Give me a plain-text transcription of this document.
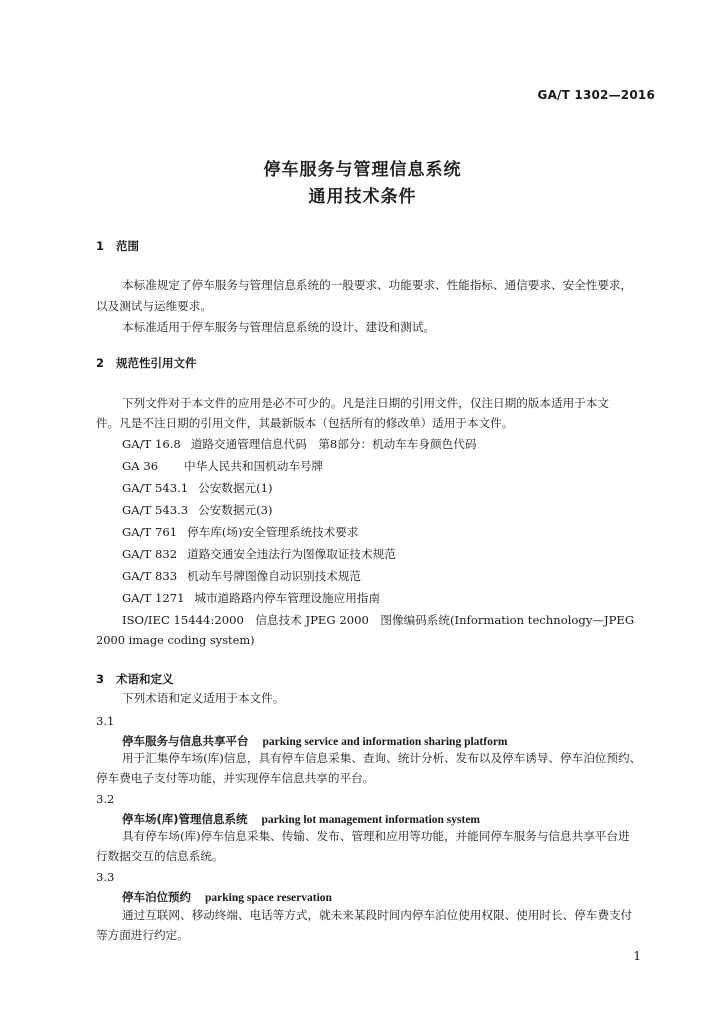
GA/T 1302—2016
停车服务与管理信息系统
通用技术条件
1 范围
本标准规定了停车服务与管理信息系统的一般要求、功能要求、性能指标、通信要求、安全性要求，
以及测试与运维要求。
本标准适用于停车服务与管理信息系统的设计、建设和测试。
2 规范性引用文件
下列文件对于本文件的应用是必不可少的。凡是注日期的引用文件，仅注日期的版本适用于本文
件。凡是不注日期的引用文件，其最新版本（包括所有的修改单）适用于本文件。
GA/T 16.8 道路交通管理信息代码　第8部分：机动车车身颜色代码
GA 36 中华人民共和国机动车号牌
GA/T 543.1 公安数据元(1)
GA/T 543.3 公安数据元(3)
GA/T 761 停车库(场)安全管理系统技术要求
GA/T 832 道路交通安全违法行为图像取证技术规范
GA/T 833 机动车号牌图像自动识别技术规范
GA/T 1271 城市道路路内停车管理设施应用指南
ISO/IEC 15444:2000　信息技术 JPEG 2000　图像编码系统(Information technology—JPEG
2000 image coding system)
3 术语和定义
下列术语和定义适用于本文件。
3.1
停车服务与信息共享平台 parking service and information sharing platform
用于汇集停车场(库)信息，具有停车信息采集、查询、统计分析、发布以及停车诱导、停车泊位预约、
停车费电子支付等功能，并实现停车信息共享的平台。
3.2
停车场(库)管理信息系统 parking lot management information system
具有停车场(库)停车信息采集、传输、发布、管理和应用等功能，并能同停车服务与信息共享平台进
行数据交互的信息系统。
3.3
停车泊位预约 parking space reservation
通过互联网、移动终端、电话等方式，就未来某段时间内停车泊位使用权限、使用时长、停车费支付
等方面进行约定。
1
